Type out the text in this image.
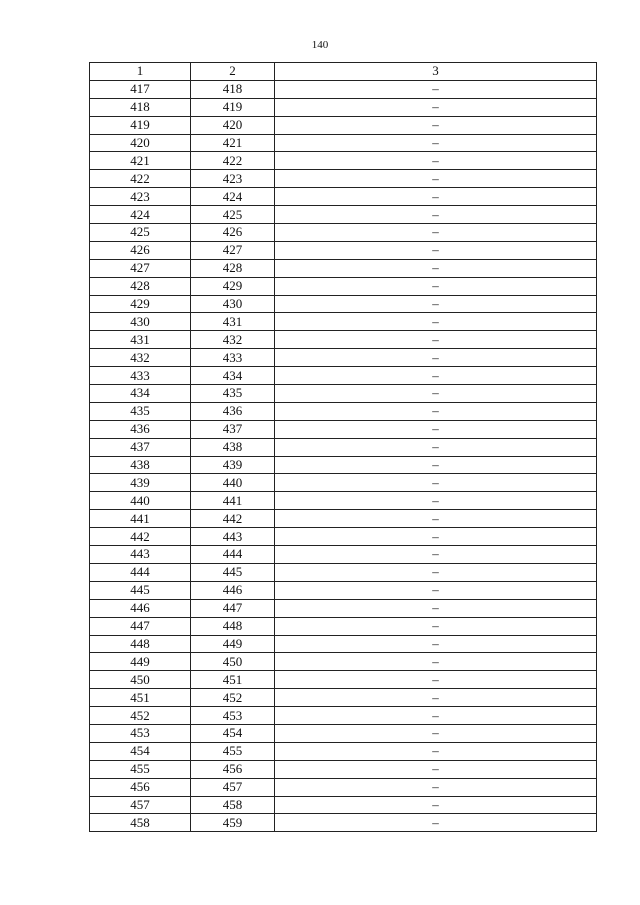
140
1	2	3
417	418	–
418	419	–
419	420	–
420	421	–
421	422	–
422	423	–
423	424	–
424	425	–
425	426	–
426	427	–
427	428	–
428	429	–
429	430	–
430	431	–
431	432	–
432	433	–
433	434	–
434	435	–
435	436	–
436	437	–
437	438	–
438	439	–
439	440	–
440	441	–
441	442	–
442	443	–
443	444	–
444	445	–
445	446	–
446	447	–
447	448	–
448	449	–
449	450	–
450	451	–
451	452	–
452	453	–
453	454	–
454	455	–
455	456	–
456	457	–
457	458	–
458	459	–
